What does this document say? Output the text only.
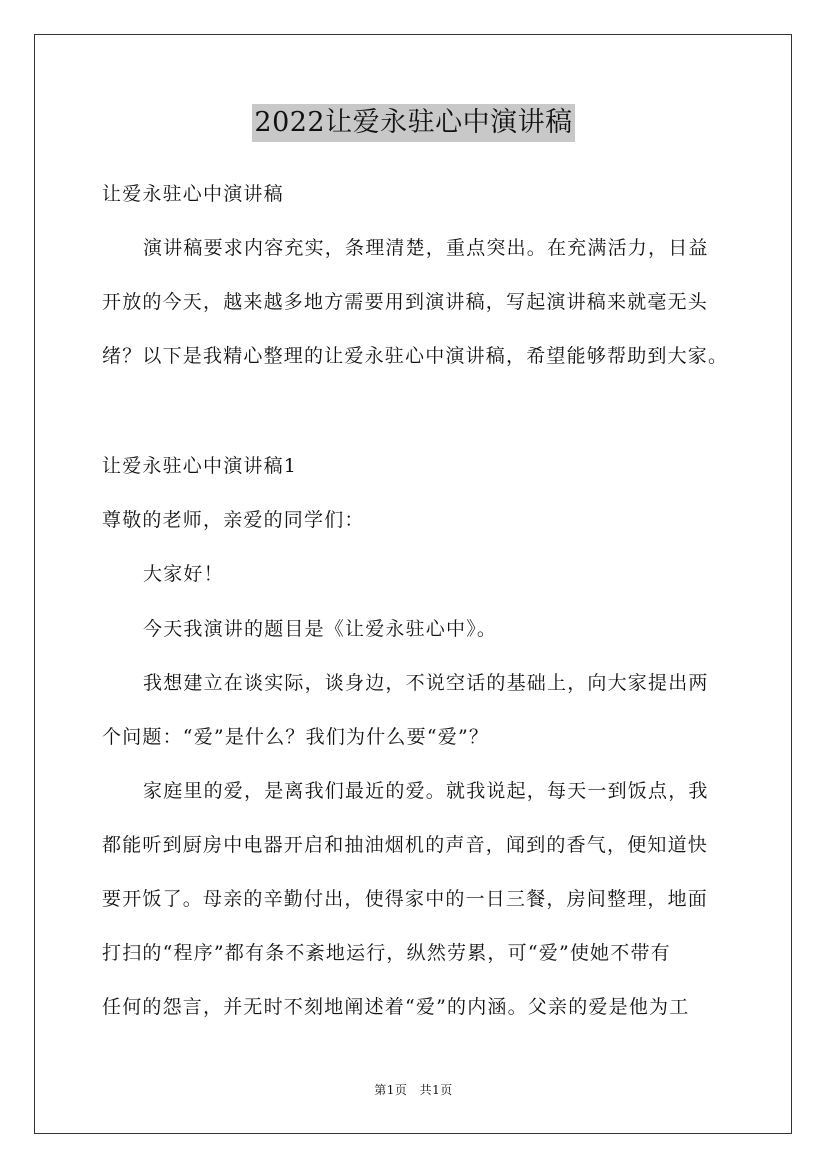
2022让爱永驻心中演讲稿
让爱永驻心中演讲稿
演讲稿要求内容充实，条理清楚，重点突出。在充满活力，日益
开放的今天，越来越多地方需要用到演讲稿，写起演讲稿来就毫无头
绪？以下是我精心整理的让爱永驻心中演讲稿，希望能够帮助到大家。
让爱永驻心中演讲稿1
尊敬的老师，亲爱的同学们：
大家好！
今天我演讲的题目是《让爱永驻心中》。
我想建立在谈实际，谈身边，不说空话的基础上，向大家提出两
个问题：“爱”是什么？我们为什么要“爱”？
家庭里的爱，是离我们最近的爱。就我说起，每天一到饭点，我
都能听到厨房中电器开启和抽油烟机的声音，闻到的香气，便知道快
要开饭了。母亲的辛勤付出，使得家中的一日三餐，房间整理，地面
打扫的“程序”都有条不紊地运行，纵然劳累，可“爱”使她不带有
任何的怨言，并无时不刻地阐述着“爱”的内涵。父亲的爱是他为工
第1页 共1页
